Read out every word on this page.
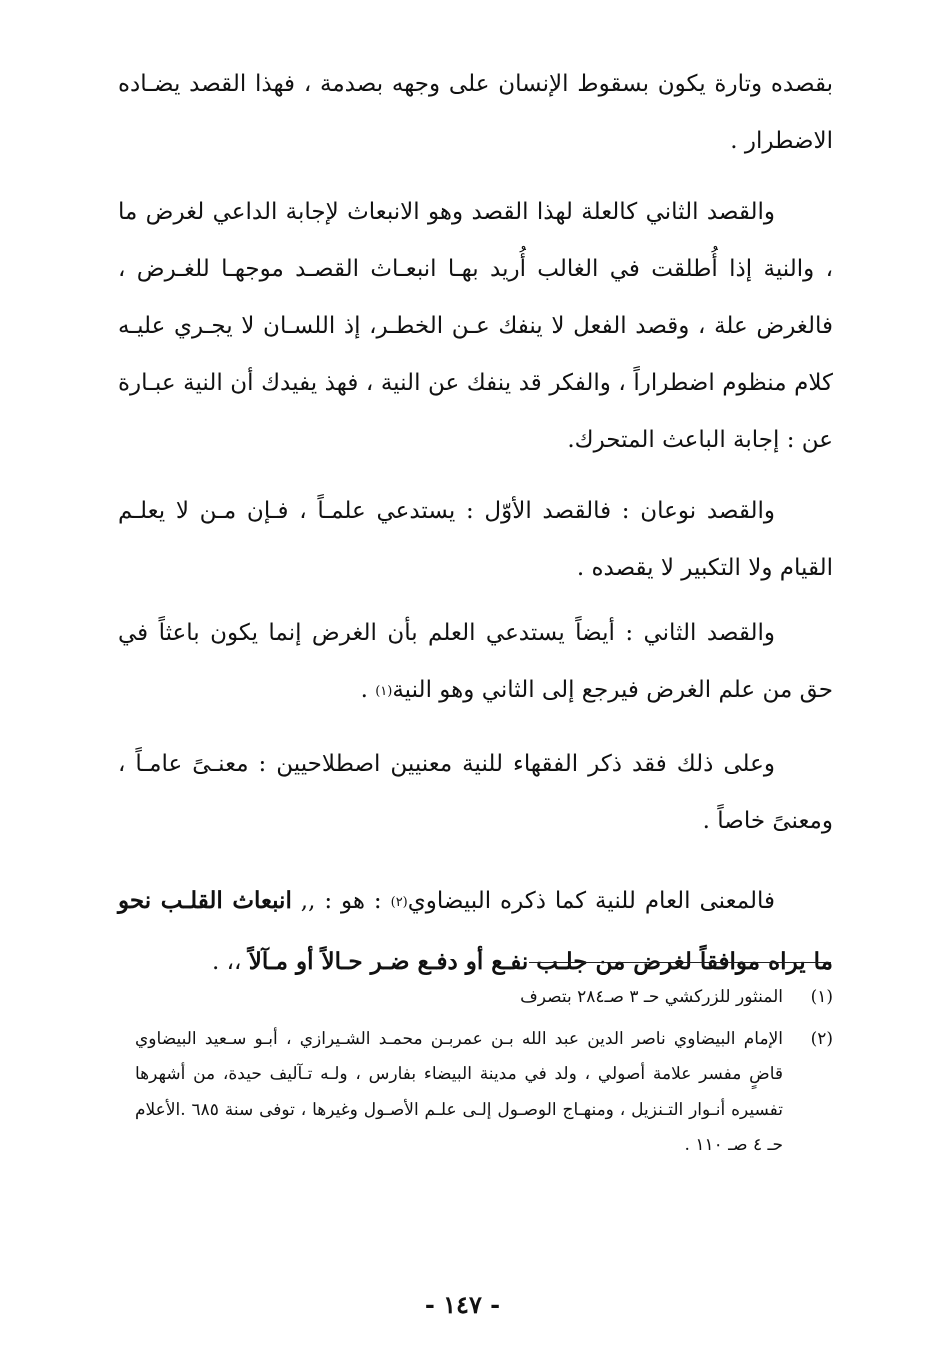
بقصده وتارة يكون بسقوط الإنسان على وجهه بصدمة ، فهذا القصد يضـاده الاضطرار .

والقصد الثاني كالعلة لهذا القصد وهو الانبعاث لإجابة الداعي لغرض ما ، والنية إذا أُطلقت في الغالب أُريد بهـا انبعـاث القصـد موجهـا للغـرض ، فالغرض علة ، وقصد الفعل لا ينفك عـن الخطـر، إذ اللسـان لا يجـري عليـه كلام منظوم اضطراراً ، والفكر قد ينفك عن النية ، فهذ يفيدك أن النية عبـارة عن : إجابة الباعث المتحرك.

والقصد نوعان : فالقصد الأوّل : يستدعي علمـاً ، فـإن مـن لا يعلـم القيام ولا التكبير لا يقصده .

والقصد الثاني : أيضاً يستدعي العلم بأن الغرض إنما يكون باعثاً في حق من علم الغرض فيرجع إلى الثاني وهو النية(١) .

وعلى ذلك فقد ذكر الفقهاء للنية معنيين اصطلاحيين : معنـىً عامـاً ، ومعنىً خاصاً .

فالمعنى العام للنية كما ذكره البيضاوي(٢) : هو : ,, انبعاث القلـب نحو ما يراه موافقاً لغرض من جلـب نفـع أو دفـع ضـر حـالاً أو مـآلاً ،، .

(١)
المنثور للزركشي حـ ٣ صـ٢٨٤ بتصرف
(٢)
الإمام البيضاوي ناصر الدين عبد الله بـن عمربـن محمـد الشـيرازي ، أبـو سـعيد البيضاوي قاضٍ مفسر علامة أصولي ، ولد في مدينة البيضاء بفارس ، ولـه تـآليف حيدة، من أشهرها تفسيره أنـوار التـنزيل ، ومنهـاج الوصـول إلـى علـم الأصـول وغيرها ، توفى سنة ٦٨٥ .الأعلام حـ ٤ صـ ١١٠ .
- ١٤٧ -
